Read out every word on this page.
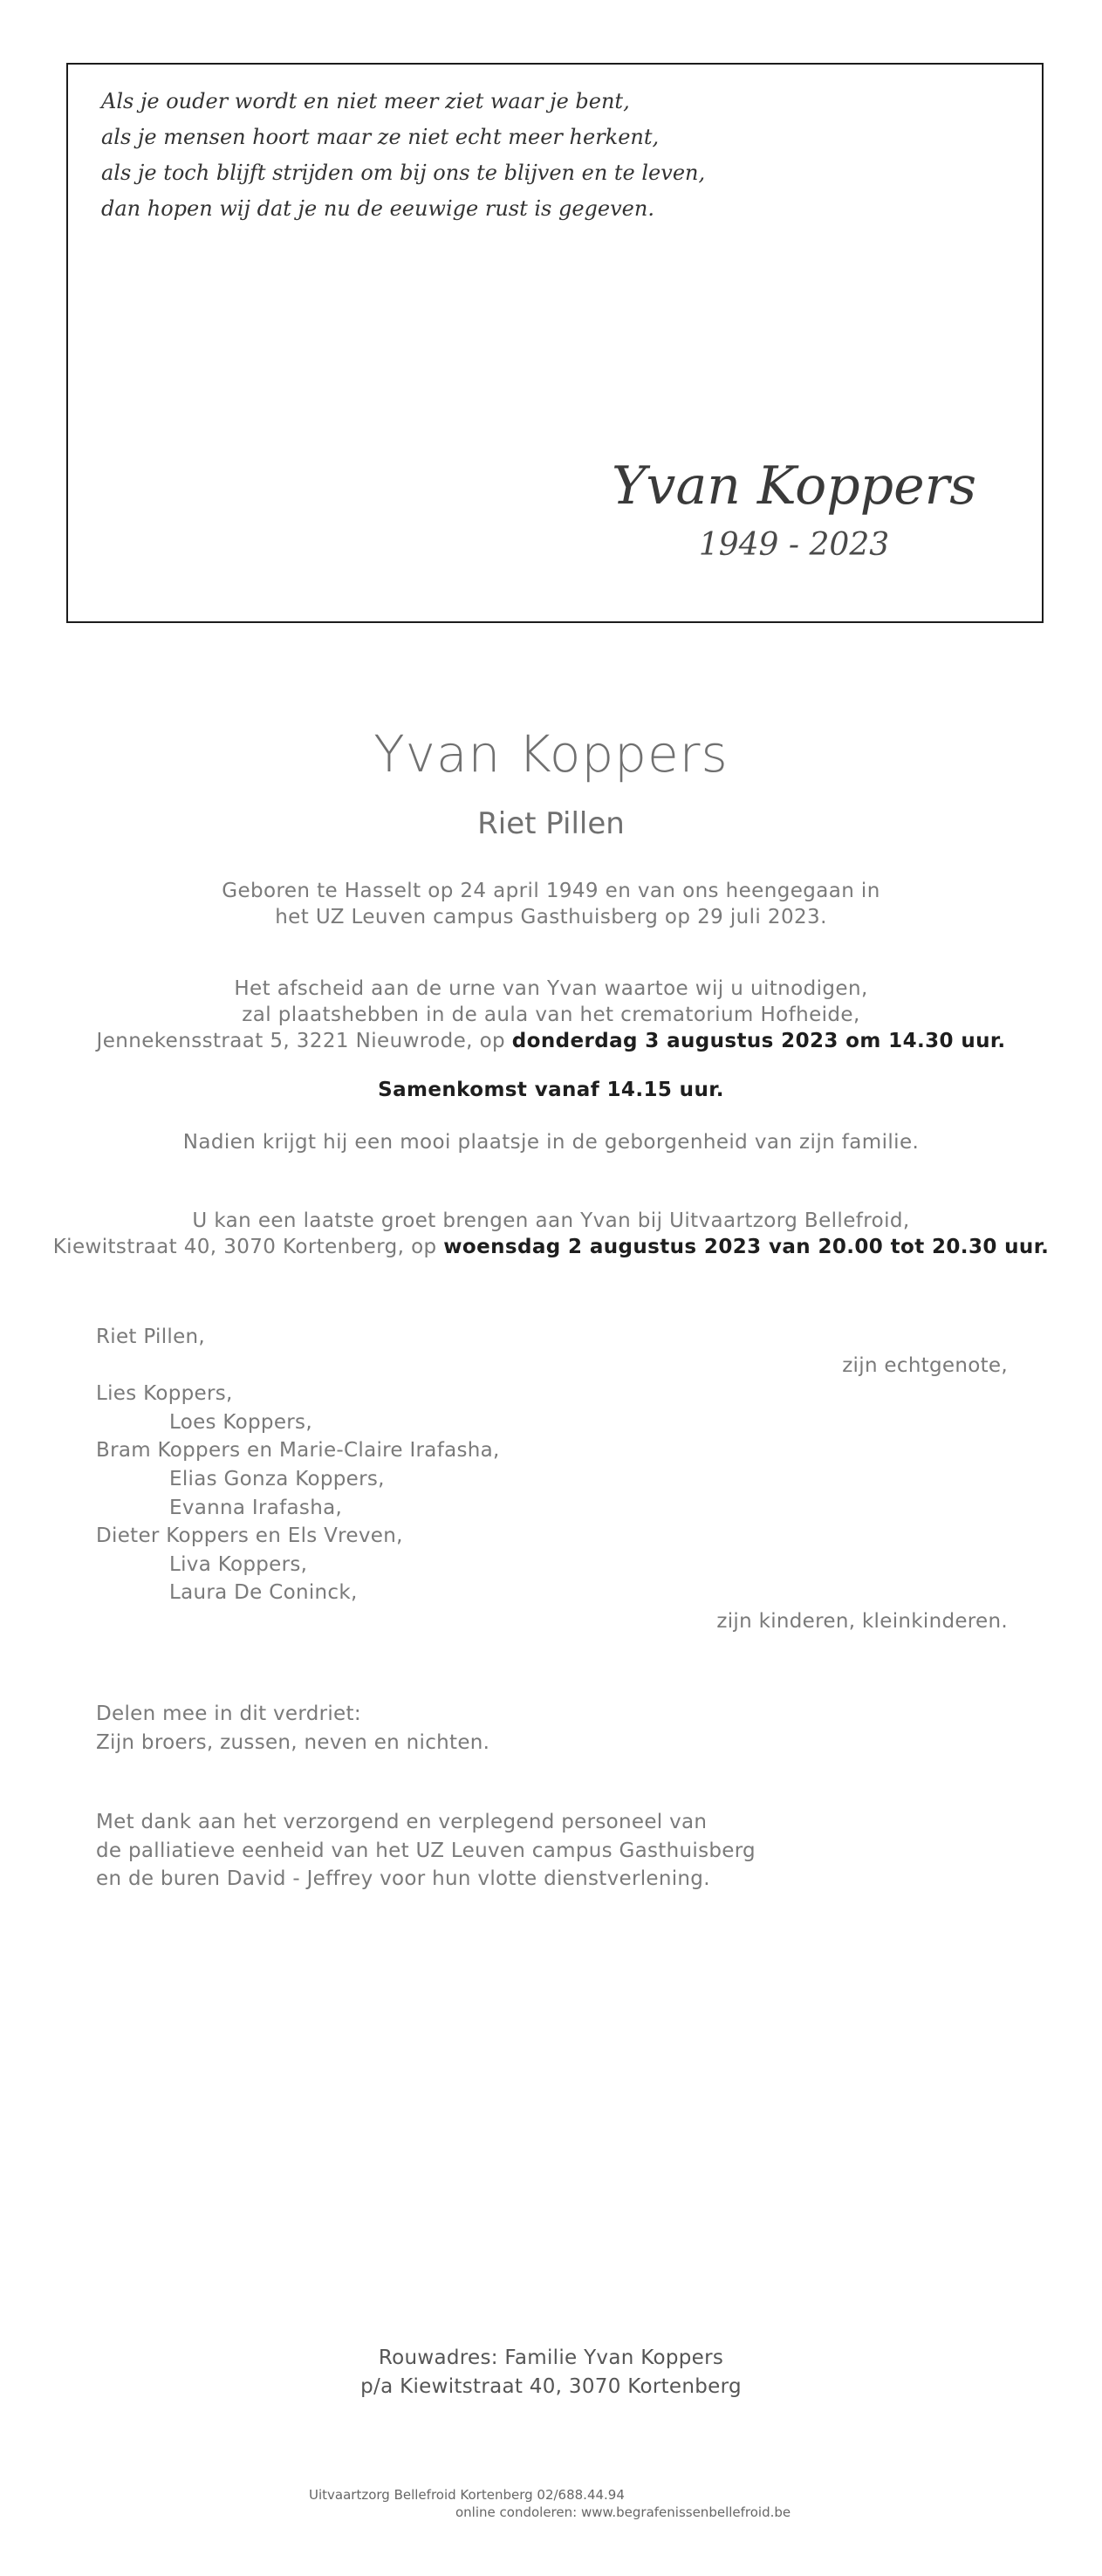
Als je ouder wordt en niet meer ziet waar je bent,
als je mensen hoort maar ze niet echt meer herkent,
als je toch blijft strijden om bij ons te blijven en te leven,
dan hopen wij dat je nu de eeuwige rust is gegeven.
Yvan Koppers
1949 - 2023
Yvan Koppers
Riet Pillen
Geboren te Hasselt op 24 april 1949 en van ons heengegaan in
het UZ Leuven campus Gasthuisberg op 29 juli 2023.
Het afscheid aan de urne van Yvan waartoe wij u uitnodigen,
zal plaatshebben in de aula van het crematorium Hofheide,
Jennekensstraat 5, 3221 Nieuwrode, op donderdag 3 augustus 2023 om 14.30 uur.
Samenkomst vanaf 14.15 uur.
Nadien krijgt hij een mooi plaatsje in de geborgenheid van zijn familie.
U kan een laatste groet brengen aan Yvan bij Uitvaartzorg Bellefroid,
Kiewitstraat 40, 3070 Kortenberg, op woensdag 2 augustus 2023 van 20.00 tot 20.30 uur.
Riet Pillen,
zijn echtgenote,
Lies Koppers,
Loes Koppers,
Bram Koppers en Marie-Claire Irafasha,
Elias Gonza Koppers,
Evanna Irafasha,
Dieter Koppers en Els Vreven,
Liva Koppers,
Laura De Coninck,
zijn kinderen, kleinkinderen.
Delen mee in dit verdriet:
Zijn broers, zussen, neven en nichten.
Met dank aan het verzorgend en verplegend personeel van
de palliatieve eenheid van het UZ Leuven campus Gasthuisberg
en de buren David - Jeffrey voor hun vlotte dienstverlening.
Rouwadres: Familie Yvan Koppers
p/a Kiewitstraat 40, 3070 Kortenberg
Uitvaartzorg Bellefroid Kortenberg 02/688.44.94
online condoleren: www.begrafenissenbellefroid.be
